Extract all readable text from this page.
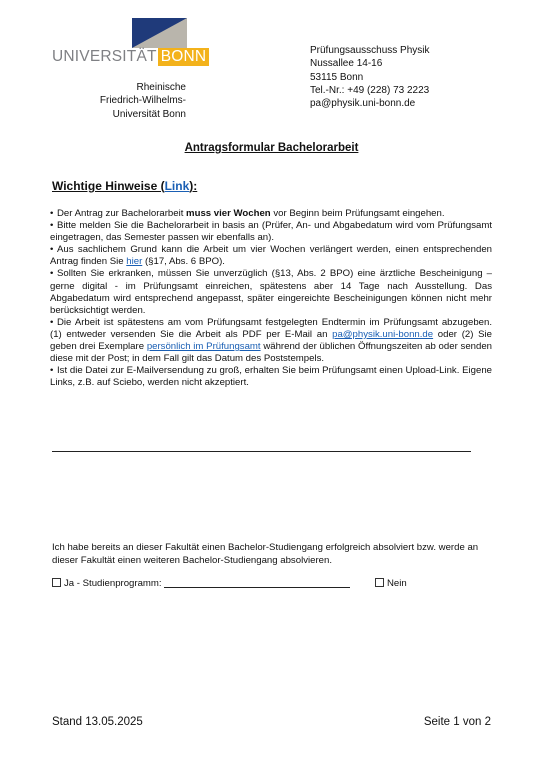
UNIVERSITÄT BONN
Rheinische
Friedrich-Wilhelms-
Universität Bonn
Prüfungsausschuss Physik
Nussallee 14-16
53115 Bonn
Tel.-Nr.: +49 (228) 73 2223
pa@physik.uni-bonn.de
Antragsformular Bachelorarbeit
Wichtige Hinweise (Link):
• Der Antrag zur Bachelorarbeit muss vier Wochen vor Beginn beim Prüfungsamt eingehen.
• Bitte melden Sie die Bachelorarbeit in basis an (Prüfer, An- und Abgabedatum wird vom Prüfungsamt eingetragen, das Semester passen wir ebenfalls an).
• Aus sachlichem Grund kann die Arbeit um vier Wochen verlängert werden, einen entsprechenden Antrag finden Sie hier (§17, Abs. 6 BPO).
• Sollten Sie erkranken, müssen Sie unverzüglich (§13, Abs. 2 BPO) eine ärztliche Bescheinigung – gerne digital - im Prüfungsamt einreichen, spätestens aber 14 Tage nach Ausstellung. Das Abgabedatum wird entsprechend angepasst, später eingereichte Bescheinigungen können nicht mehr berücksichtigt werden.
• Die Arbeit ist spätestens am vom Prüfungsamt festgelegten Endtermin im Prüfungsamt abzugeben. (1) entweder versenden Sie die Arbeit als PDF per E-Mail an pa@physik.uni-bonn.de oder (2) Sie geben drei Exemplare persönlich im Prüfungsamt während der üblichen Öffnungszeiten ab oder senden diese mit der Post; in dem Fall gilt das Datum des Poststempels.
• Ist die Datei zur E-Mailversendung zu groß, erhalten Sie beim Prüfungsamt einen Upload-Link. Eigene Links, z.B. auf Sciebo, werden nicht akzeptiert.
Ich habe bereits an dieser Fakultät einen Bachelor-Studiengang erfolgreich absolviert bzw. werde an dieser Fakultät einen weiteren Bachelor-Studiengang absolvieren.
Ja - Studienprogramm:	Nein
Stand 13.05.2025	Seite 1 von 2
